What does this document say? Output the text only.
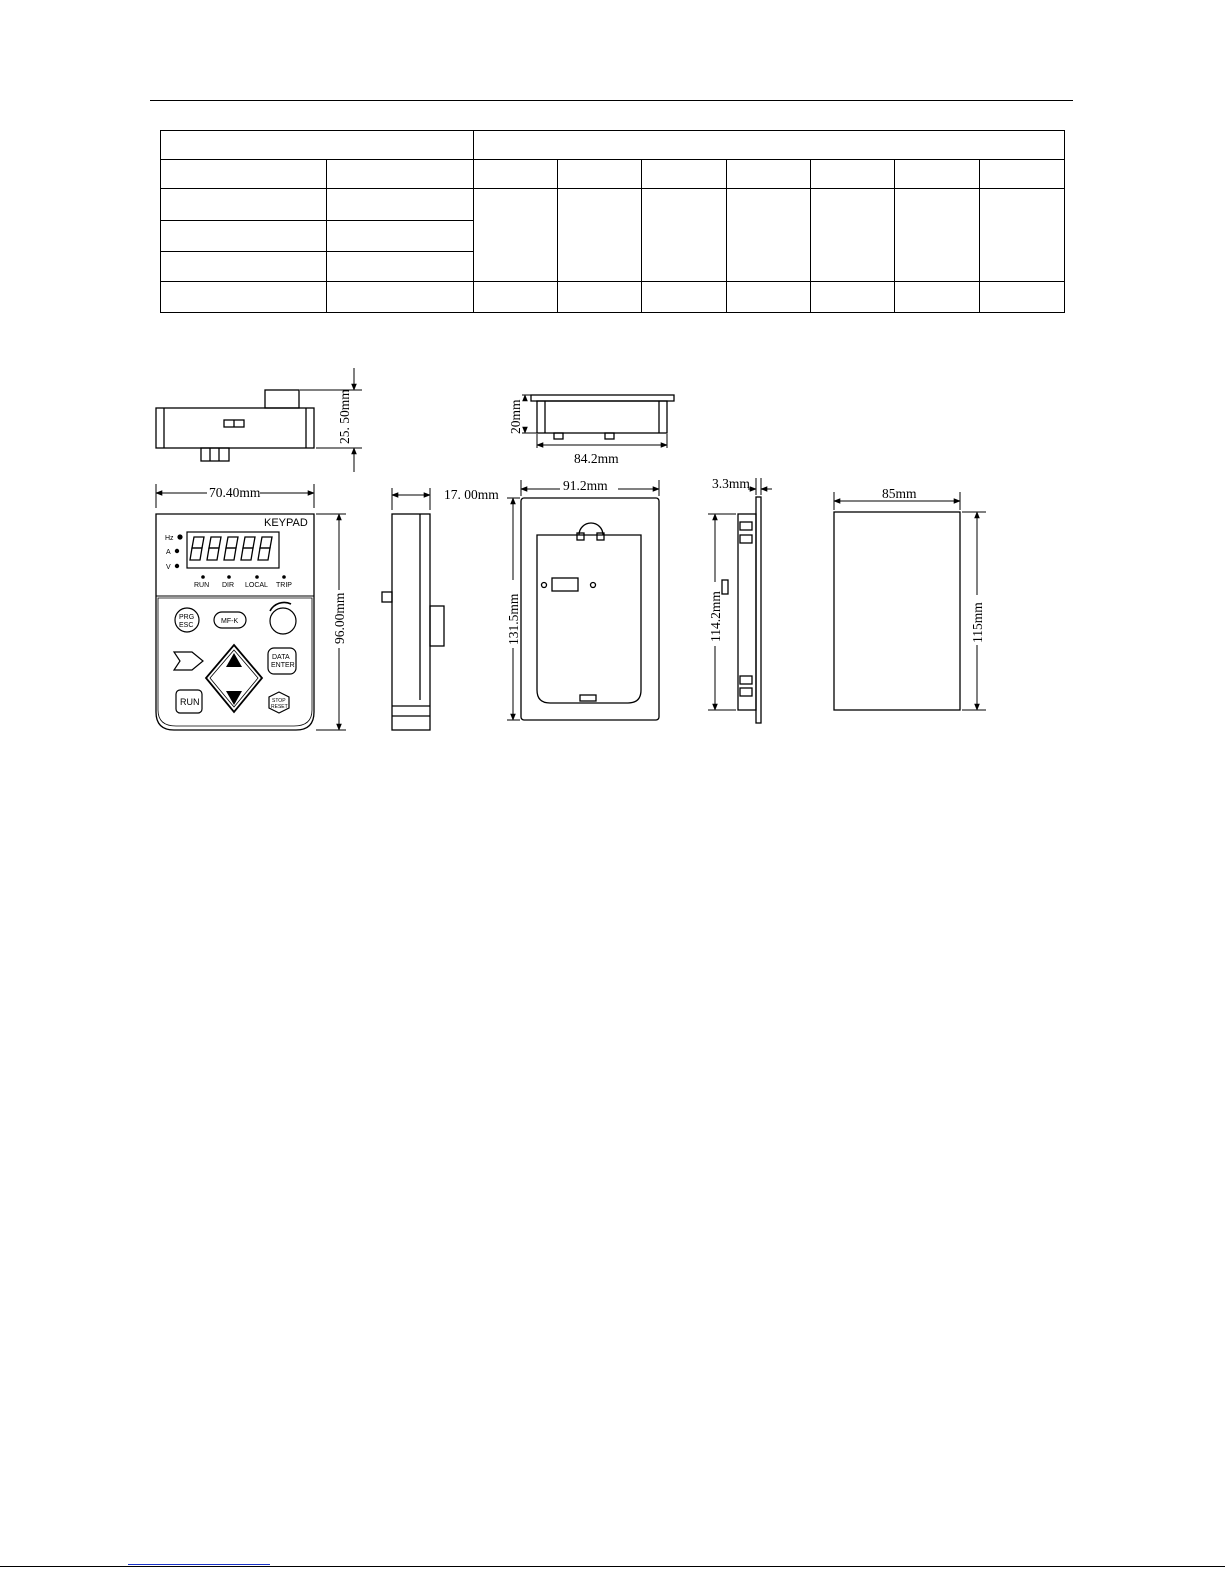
25. 50mm	20mm
84.2mm
70.40mm
96.00mm
KEYPAD
Hz
A
V
RUN DIR LOCAL TRIP
PRG
ESC
MF-K
DATA
ENTER
RUN	STOP
RESET
17. 00mm
91.2mm
131.5mm
3.3mm
114.2mm
85mm
115mm
